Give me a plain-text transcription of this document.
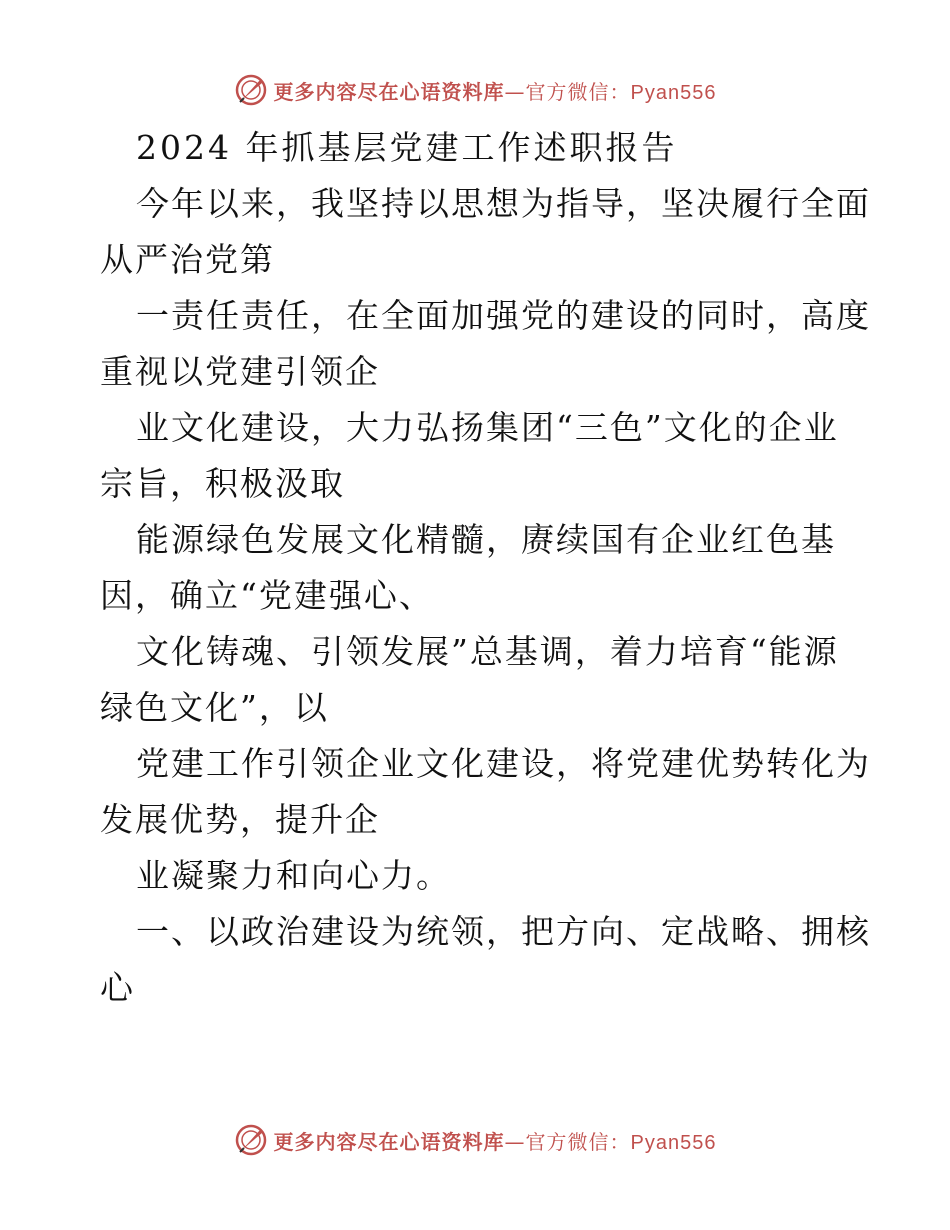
更多内容尽在心语资料库—官方微信：Pyan556
2024 年抓基层党建工作述职报告
今年以来，我坚持以思想为指导，坚决履行全面
从严治党第
一责任责任，在全面加强党的建设的同时，高度
重视以党建引领企
业文化建设，大力弘扬集团“三色”文化的企业
宗旨，积极汲取
能源绿色发展文化精髓，赓续国有企业红色基
因，确立“党建强心、
文化铸魂、引领发展”总基调，着力培育“能源
绿色文化”，以
党建工作引领企业文化建设，将党建优势转化为
发展优势，提升企
业凝聚力和向心力。
一、以政治建设为统领，把方向、定战略、拥核
心
更多内容尽在心语资料库—官方微信：Pyan556
